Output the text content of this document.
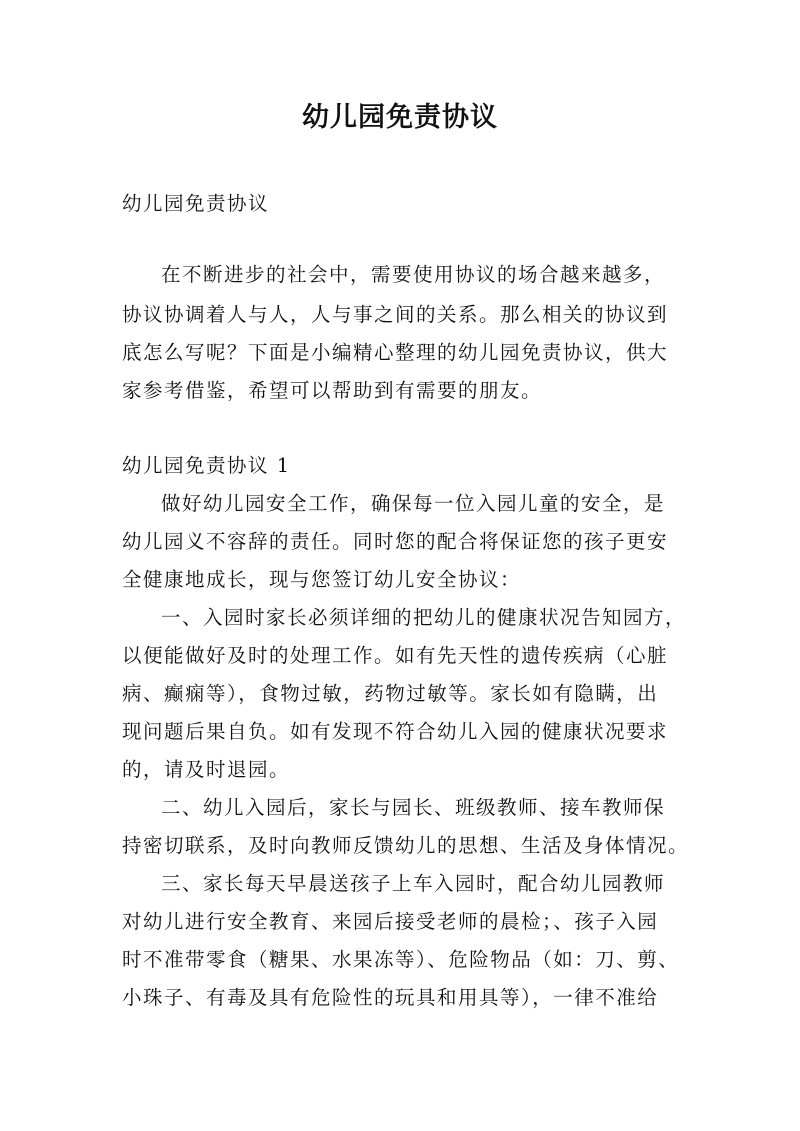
幼儿园免责协议
幼儿园免责协议
在不断进步的社会中，需要使用协议的场合越来越多，
协议协调着人与人，人与事之间的关系。那么相关的协议到
底怎么写呢？下面是小编精心整理的幼儿园免责协议，供大
家参考借鉴，希望可以帮助到有需要的朋友。
幼儿园免责协议 1
做好幼儿园安全工作，确保每一位入园儿童的安全，是
幼儿园义不容辞的责任。同时您的配合将保证您的孩子更安
全健康地成长，现与您签订幼儿安全协议：
一、入园时家长必须详细的把幼儿的健康状况告知园方，
以便能做好及时的处理工作。如有先天性的遗传疾病（心脏
病、癫痫等），食物过敏，药物过敏等。家长如有隐瞒，出
现问题后果自负。如有发现不符合幼儿入园的健康状况要求
的，请及时退园。
二、幼儿入园后，家长与园长、班级教师、接车教师保
持密切联系，及时向教师反馈幼儿的思想、生活及身体情况。
三、家长每天早晨送孩子上车入园时，配合幼儿园教师
对幼儿进行安全教育、来园后接受老师的晨检；、孩子入园
时不准带零食（糖果、水果冻等）、危险物品（如：刀、剪、
小珠子、有毒及具有危险性的玩具和用具等），一律不准给
